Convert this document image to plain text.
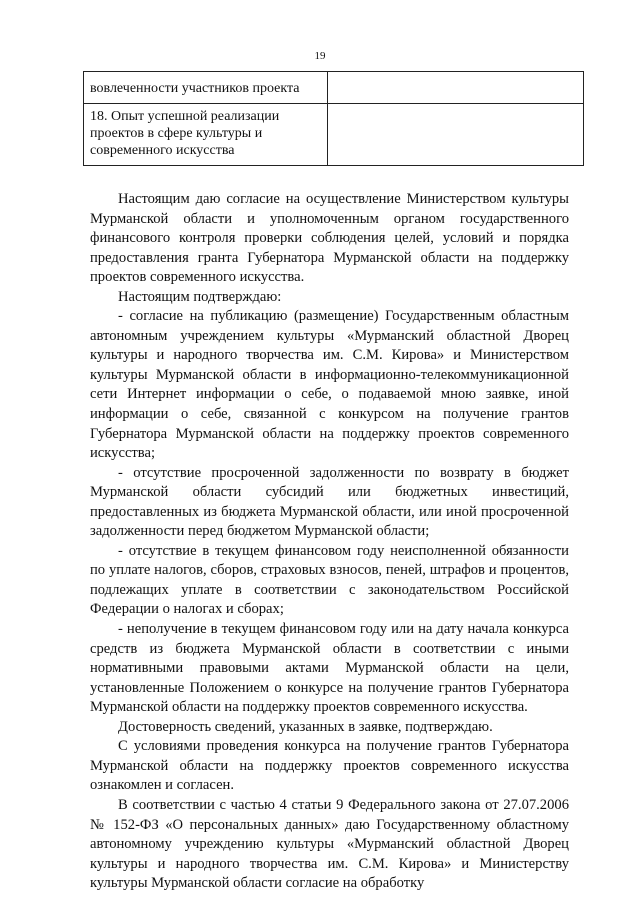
19
вовлеченности участников проекта	
18. Опыт успешной реализации проектов в сфере культуры и современного искусства	

Настоящим даю согласие на осуществление Министерством культуры Мурманской области и уполномоченным органом государственного финансового контроля проверки соблюдения целей, условий и порядка предоставления гранта Губернатора Мурманской области на поддержку проектов современного искусства.

Настоящим подтверждаю:

- согласие на публикацию (размещение) Государственным областным автономным учреждением культуры «Мурманский областной Дворец культуры и народного творчества им. С.М. Кирова» и Министерством культуры Мурманской области в информационно-телекоммуникационной сети Интернет информации о себе, о подаваемой мною заявке, иной информации о себе, связанной с конкурсом на получение грантов Губернатора Мурманской области на поддержку проектов современного искусства;

- отсутствие просроченной задолженности по возврату в бюджет Мурманской области субсидий или бюджетных инвестиций, предоставленных из бюджета Мурманской области, или иной просроченной задолженности перед бюджетом Мурманской области;

- отсутствие в текущем финансовом году неисполненной обязанности по уплате налогов, сборов, страховых взносов, пеней, штрафов и процентов, подлежащих уплате в соответствии с законодательством Российской Федерации о налогах и сборах;

- неполучение в текущем финансовом году или на дату начала конкурса средств из бюджета Мурманской области в соответствии с иными нормативными правовыми актами Мурманской области на цели, установленные Положением о конкурсе на получение грантов Губернатора Мурманской области на поддержку проектов современного искусства.

Достоверность сведений, указанных в заявке, подтверждаю.

С условиями проведения конкурса на получение грантов Губернатора Мурманской области на поддержку проектов современного искусства ознакомлен и согласен.

В соответствии с частью 4 статьи 9 Федерального закона от 27.07.2006 № 152-ФЗ «О персональных данных» даю Государственному областному автономному учреждению культуры «Мурманский областной Дворец культуры и народного творчества им. С.М. Кирова» и Министерству культуры Мурманской области согласие на обработку
